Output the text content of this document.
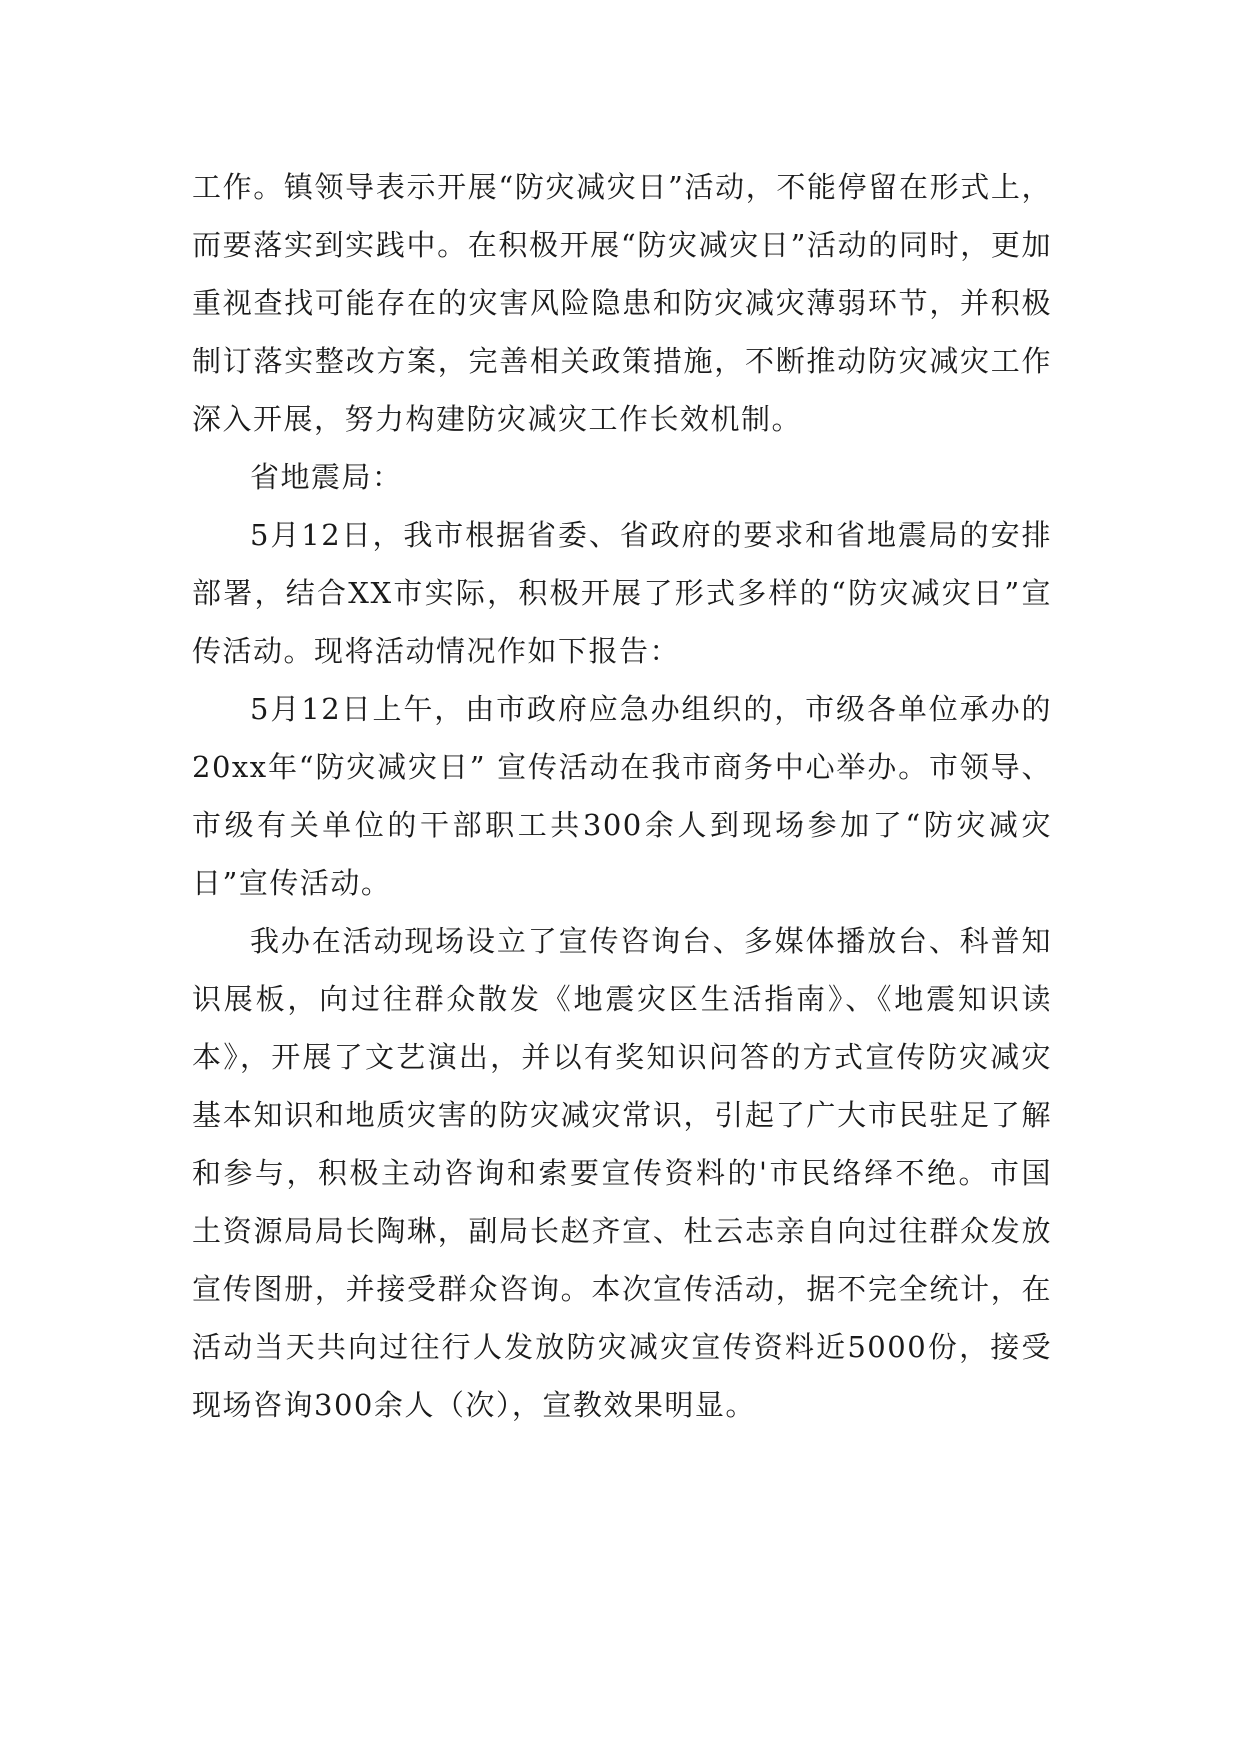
工作。镇领导表示开展“防灾减灾日”活动，不能停留在形式上，而要落实到实践中。在积极开展“防灾减灾日”活动的同时，更加重视查找可能存在的灾害风险隐患和防灾减灾薄弱环节，并积极制订落实整改方案，完善相关政策措施，不断推动防灾减灾工作深入开展，努力构建防灾减灾工作长效机制。

省地震局：

5月12日，我市根据省委、省政府的要求和省地震局的安排部署，结合XX市实际，积极开展了形式多样的“防灾减灾日”宣传活动。现将活动情况作如下报告：

5月12日上午，由市政府应急办组织的，市级各单位承办的20xx年“防灾减灾日” 宣传活动在我市商务中心举办。市领导、市级有关单位的干部职工共300余人到现场参加了“防灾减灾日”宣传活动。

我办在活动现场设立了宣传咨询台、多媒体播放台、科普知识展板，向过往群众散发《地震灾区生活指南》、《地震知识读本》，开展了文艺演出，并以有奖知识问答的方式宣传防灾减灾基本知识和地质灾害的防灾减灾常识，引起了广大市民驻足了解和参与，积极主动咨询和索要宣传资料的'市民络绎不绝。市国土资源局局长陶琳，副局长赵齐宣、杜云志亲自向过往群众发放宣传图册，并接受群众咨询。本次宣传活动，据不完全统计，在活动当天共向过往行人发放防灾减灾宣传资料近5000份，接受现场咨询300余人（次），宣教效果明显。
